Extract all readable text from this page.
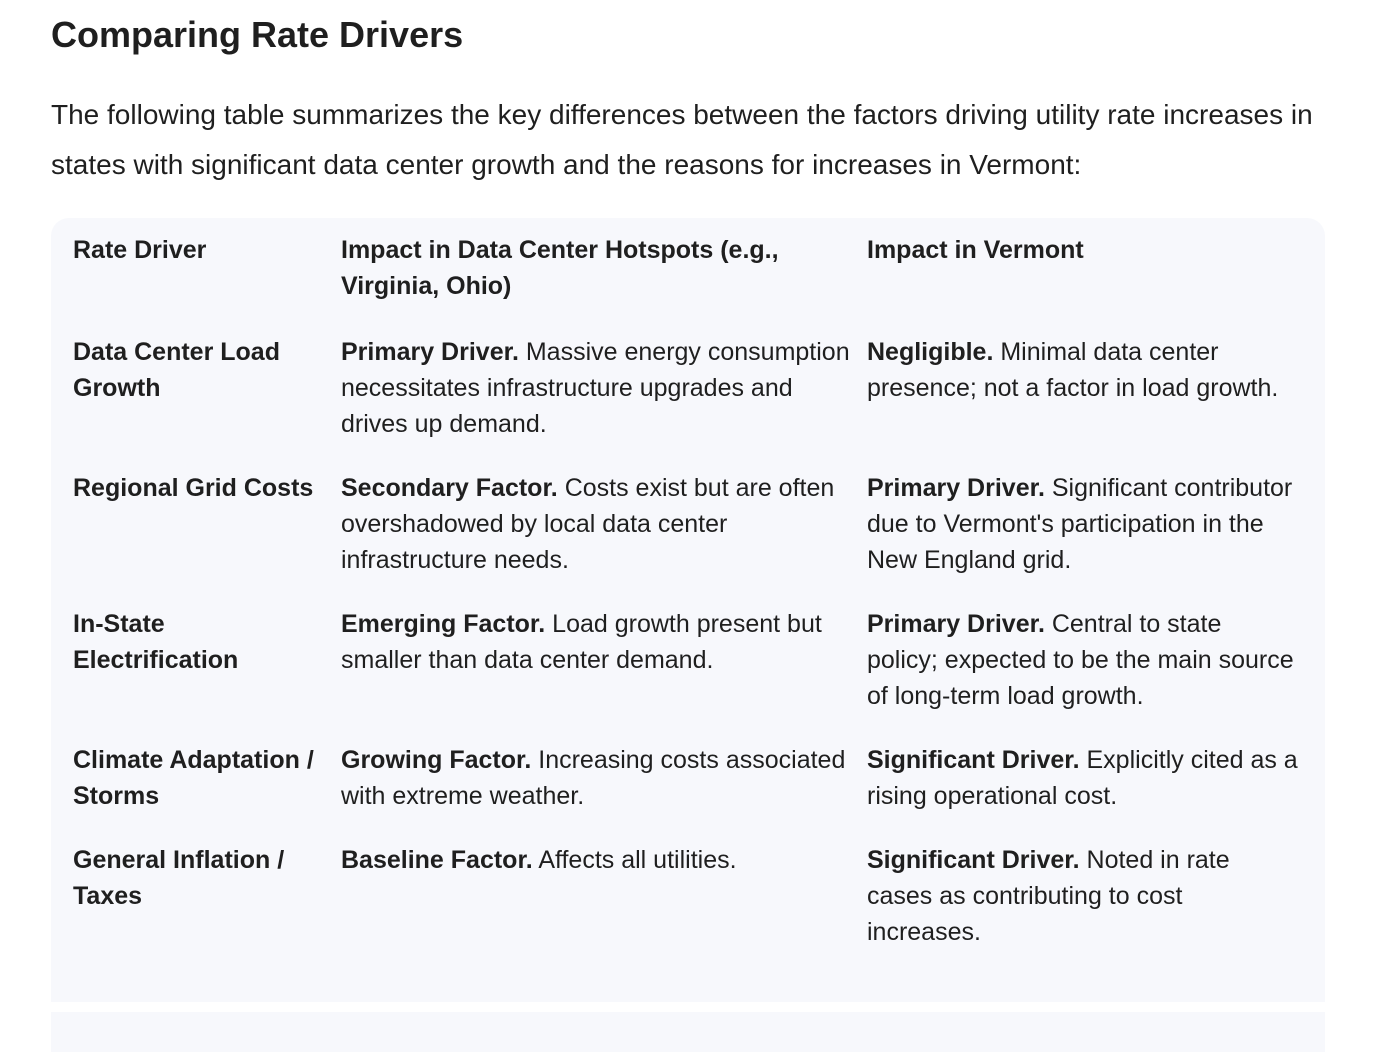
Comparing Rate Drivers

The following table summarizes the key differences between the factors driving utility rate increases in states with significant data center growth and the reasons for increases in Vermont:

Rate Driver	Impact in Data Center Hotspots (e.g., Virginia, Ohio)	Impact in Vermont
Data Center Load Growth	Primary Driver. Massive energy consumption necessitates infrastructure upgrades and drives up demand.	Negligible. Minimal data center presence; not a factor in load growth.
Regional Grid Costs	Secondary Factor. Costs exist but are often overshadowed by local data center infrastructure needs.	Primary Driver. Significant contributor due to Vermont's participation in the New England grid.
In-State Electrification	Emerging Factor. Load growth present but smaller than data center demand.	Primary Driver. Central to state policy; expected to be the main source of long-term load growth.
Climate Adaptation / Storms	Growing Factor. Increasing costs associated with extreme weather.	Significant Driver. Explicitly cited as a rising operational cost.
General Inflation / Taxes	Baseline Factor. Affects all utilities.	Significant Driver. Noted in rate cases as contributing to cost increases.
